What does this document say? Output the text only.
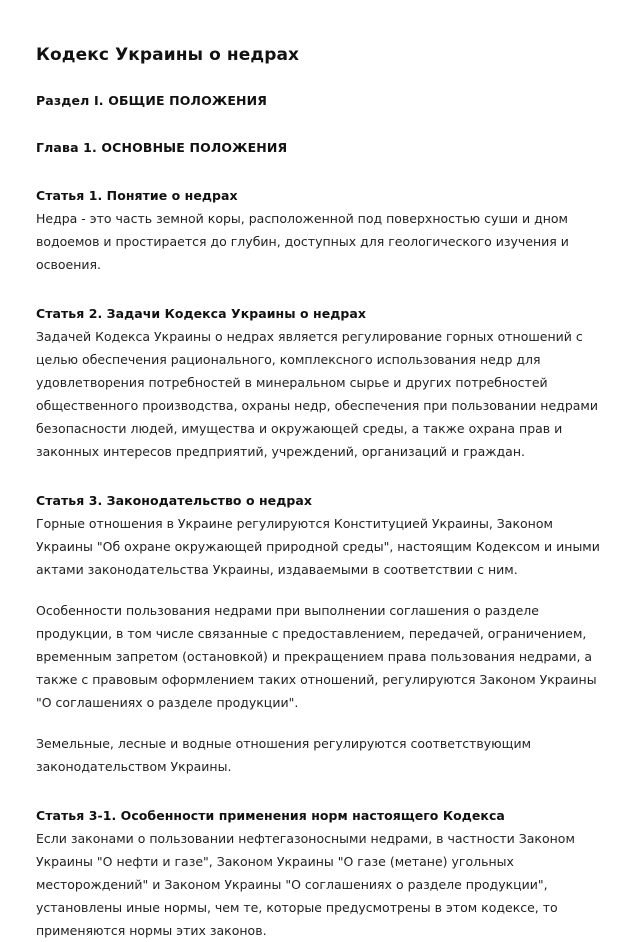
Кодекс Украины о недрах
Раздел I. ОБЩИЕ ПОЛОЖЕНИЯ
Глава 1. ОСНОВНЫЕ ПОЛОЖЕНИЯ

Статья 1. Понятие о недрах

Недра - это часть земной коры, расположенной под поверхностью суши и дном водоемов и простирается до глубин, доступных для геологического изучения и освоения.

Статья 2. Задачи Кодекса Украины о недрах

Задачей Кодекса Украины о недрах является регулирование горных отношений с целью обеспечения рационального, комплексного использования недр для удовлетворения потребностей в минеральном сырье и других потребностей общественного производства, охраны недр, обеспечения при пользовании недрами безопасности людей, имущества и окружающей среды, а также охрана прав и законных интересов предприятий, учреждений, организаций и граждан.

Статья 3. Законодательство о недрах

Горные отношения в Украине регулируются Конституцией Украины, Законом Украины "Об охране окружающей природной среды", настоящим Кодексом и иными актами законодательства Украины, издаваемыми в соответствии с ним.

Особенности пользования недрами при выполнении соглашения о разделе продукции, в том числе связанные с предоставлением, передачей, ограничением, временным запретом (остановкой) и прекращением права пользования недрами, а также с правовым оформлением таких отношений, регулируются Законом Украины "О соглашениях о разделе продукции".

Земельные, лесные и водные отношения регулируются соответствующим законодательством Украины.

Статья 3-1. Особенности применения норм настоящего Кодекса

Если законами о пользовании нефтегазоносными недрами, в частности Законом Украины "О нефти и газе", Законом Украины "О газе (метане) угольных месторождений" и Законом Украины "О соглашениях о разделе продукции", установлены иные нормы, чем те, которые предусмотрены в этом кодексе, то применяются нормы этих законов.
